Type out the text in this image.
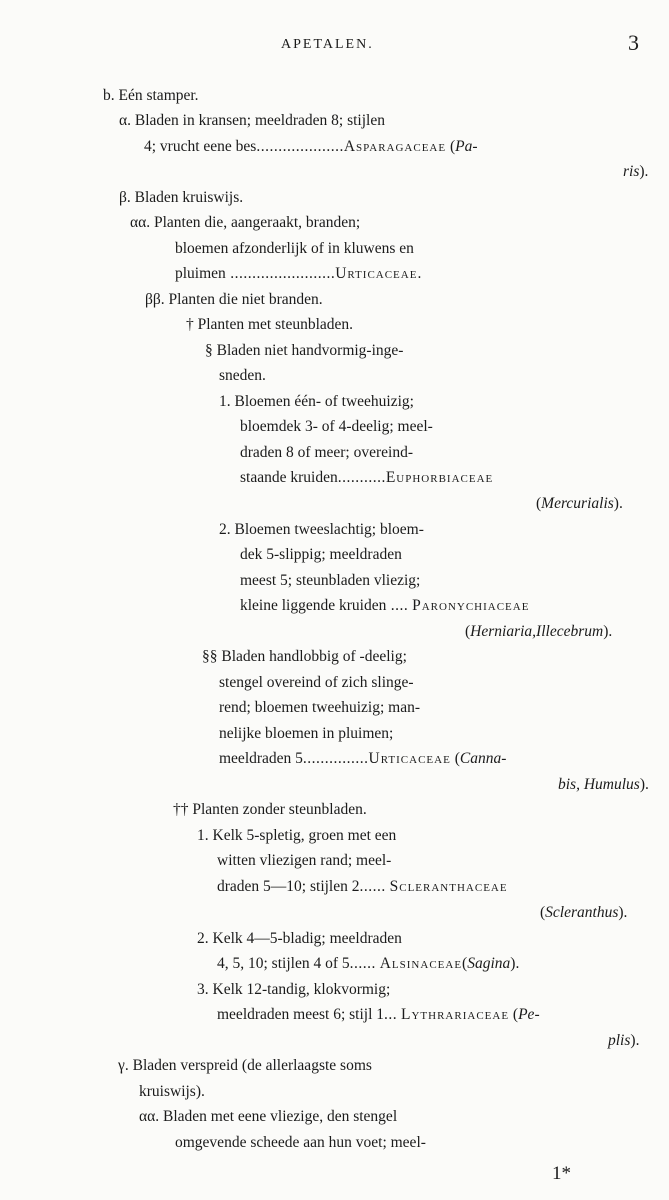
APETALEN.	3
b. Eén stamper.
α. Bladen in kransen; meeldraden 8; stijlen
4; vrucht eene bes....................Asparagaceae (Pa-
ris).
β. Bladen kruiswijs.
αα. Planten die, aangeraakt, branden;
bloemen afzonderlijk of in kluwens en
pluimen ........................Urticaceae.
ββ. Planten die niet branden.
† Planten met steunbladen.
§ Bladen niet handvormig-inge-
sneden.
1. Bloemen één- of tweehuizig;
bloemdek 3- of 4-deelig; meel-
draden 8 of meer; overeind-
staande kruiden...........Euphorbiaceae
(Mercurialis).
2. Bloemen tweeslachtig; bloem-
dek 5-slippig; meeldraden
meest 5; steunbladen vliezig;
kleine liggende kruiden .... Paronychiaceae
(Herniaria,Illecebrum).
§§ Bladen handlobbig of -deelig;
stengel overeind of zich slinge-
rend; bloemen tweehuizig; man-
nelijke bloemen in pluimen;
meeldraden 5...............Urticaceae (Canna-
bis, Humulus).
†† Planten zonder steunbladen.
1. Kelk 5-spletig, groen met een
witten vliezigen rand; meel-
draden 5—10; stijlen 2...... Scleranthaceae
(Scleranthus).
2. Kelk 4—5-bladig; meeldraden
4, 5, 10; stijlen 4 of 5...... Alsinaceae(Sagina).
3. Kelk 12-tandig, klokvormig;
meeldraden meest 6; stijl 1... Lythrariaceae (Pe-
plis).
γ. Bladen verspreid (de allerlaagste soms
kruiswijs).
αα. Bladen met eene vliezige, den stengel
omgevende scheede aan hun voet; meel-
1*
